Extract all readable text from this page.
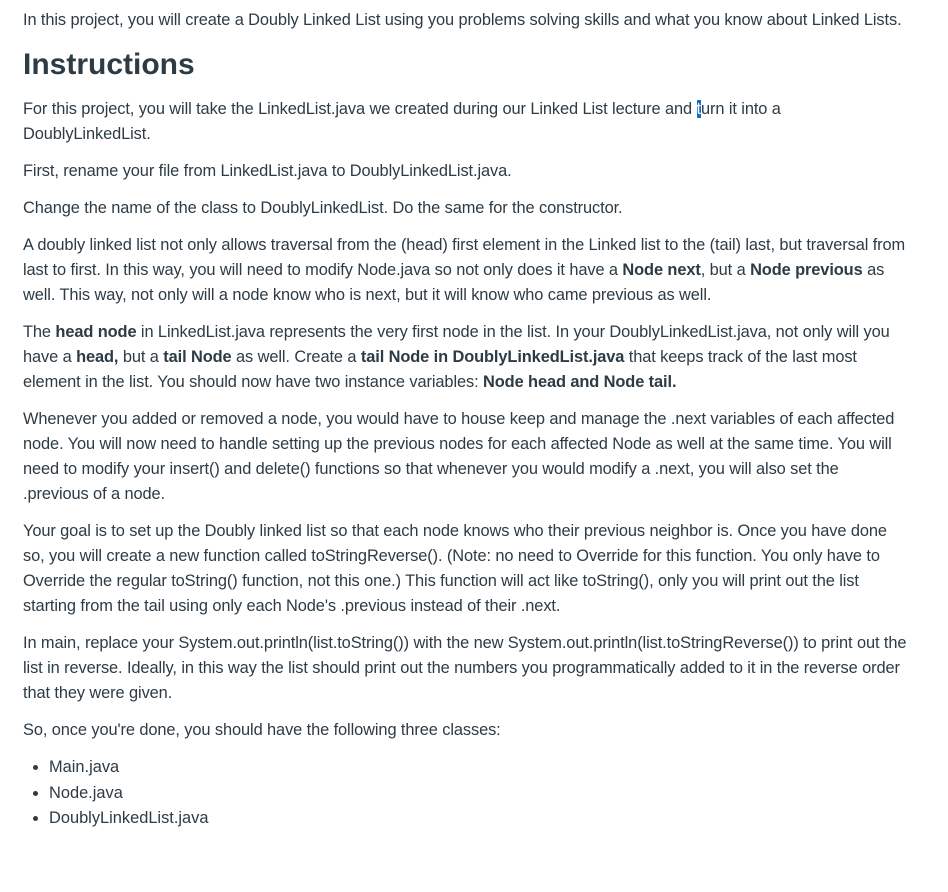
In this project, you will create a Doubly Linked List using you problems solving skills and what you know about Linked Lists.

Instructions

For this project, you will take the LinkedList.java we created during our Linked List lecture and turn it into a DoublyLinkedList.

First, rename your file from LinkedList.java to DoublyLinkedList.java.

Change the name of the class to DoublyLinkedList. Do the same for the constructor.

A doubly linked list not only allows traversal from the (head) first element in the Linked list to the (tail) last, but traversal from last to first. In this way, you will need to modify Node.java so not only does it have a Node next, but a Node previous as well. This way, not only will a node know who is next, but it will know who came previous as well.

The head node in LinkedList.java represents the very first node in the list. In your DoublyLinkedList.java, not only will you have a head, but a tail Node as well. Create a tail Node in DoublyLinkedList.java that keeps track of the last most element in the list. You should now have two instance variables: Node head and Node tail.

Whenever you added or removed a node, you would have to house keep and manage the .next variables of each affected node. You will now need to handle setting up the previous nodes for each affected Node as well at the same time. You will need to modify your insert() and delete() functions so that whenever you would modify a .next, you will also set the .previous of a node.

Your goal is to set up the Doubly linked list so that each node knows who their previous neighbor is. Once you have done so, you will create a new function called toStringReverse(). (Note: no need to Override for this function. You only have to Override the regular toString() function, not this one.) This function will act like toString(), only you will print out the list starting from the tail using only each Node's .previous instead of their .next.

In main, replace your System.out.println(list.toString()) with the new System.out.println(list.toStringReverse()) to print out the list in reverse. Ideally, in this way the list should print out the numbers you programmatically added to it in the reverse order that they were given.

So, once you're done, you should have the following three classes:

• Main.java
• Node.java
• DoublyLinkedList.java
